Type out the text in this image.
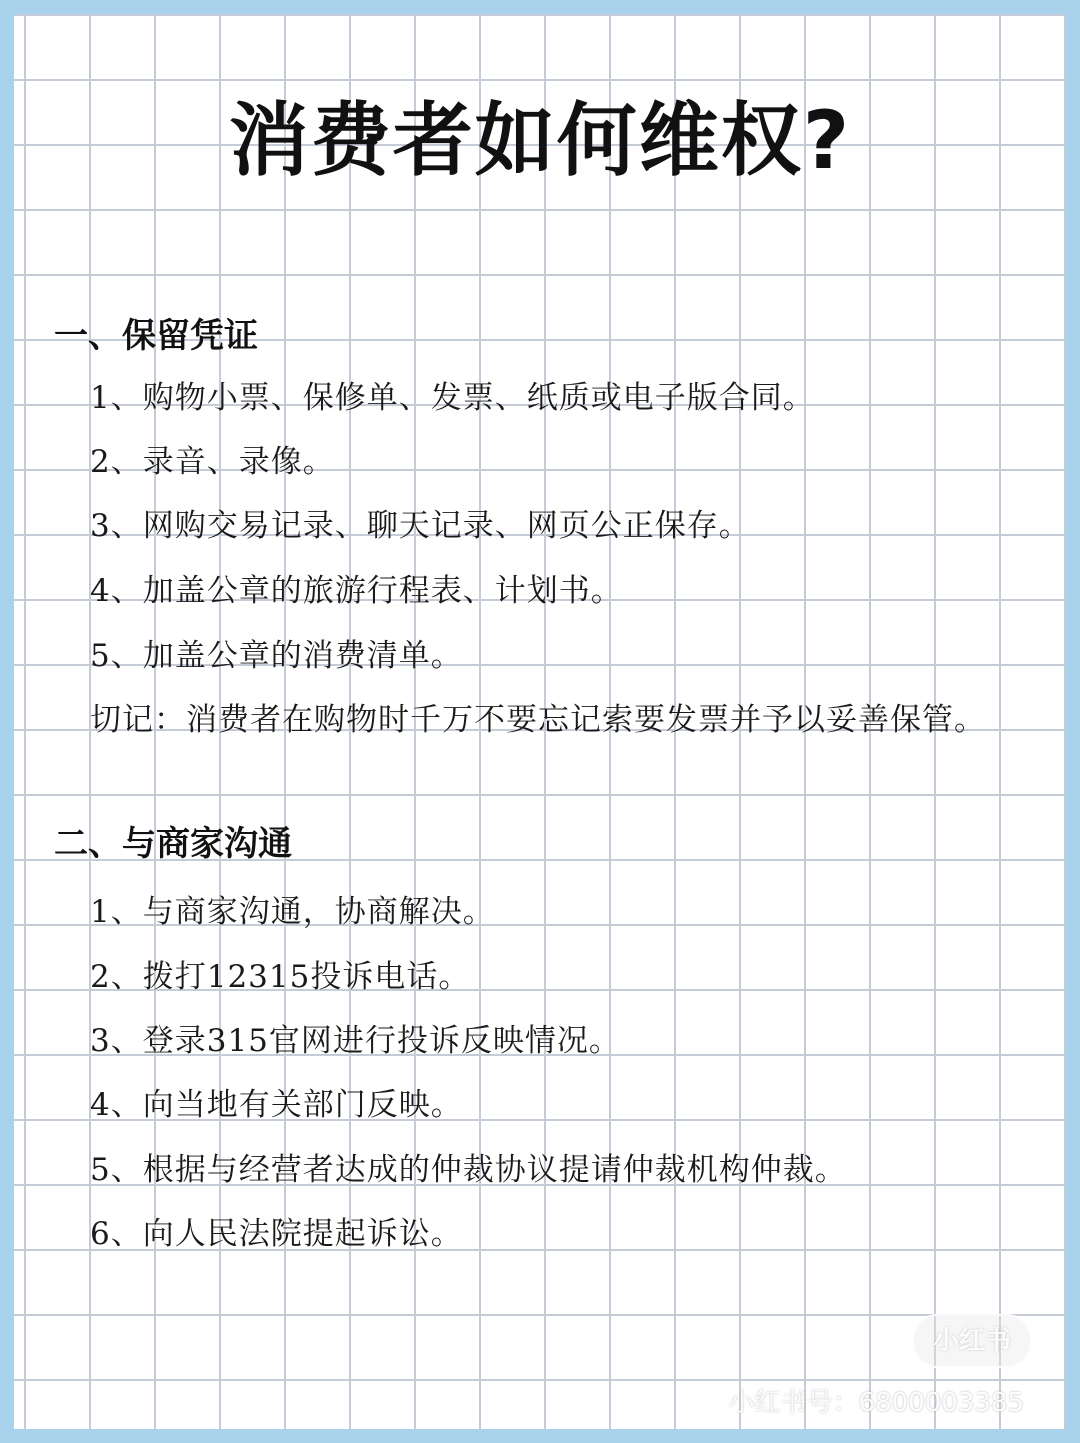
消费者如何维权?
一、保留凭证
1、购物小票、保修单、发票、纸质或电子版合同。
2、录音、录像。
3、网购交易记录、聊天记录、网页公正保存。
4、加盖公章的旅游行程表、计划书。
5、加盖公章的消费清单。
切记：消费者在购物时千万不要忘记索要发票并予以妥善保管。
二、与商家沟通
1、与商家沟通，协商解决。
2、拨打12315投诉电话。
3、登录315官网进行投诉反映情况。
4、向当地有关部门反映。
5、根据与经营者达成的仲裁协议提请仲裁机构仲裁。
6、向人民法院提起诉讼。
小红书
小红书号：6800003385
